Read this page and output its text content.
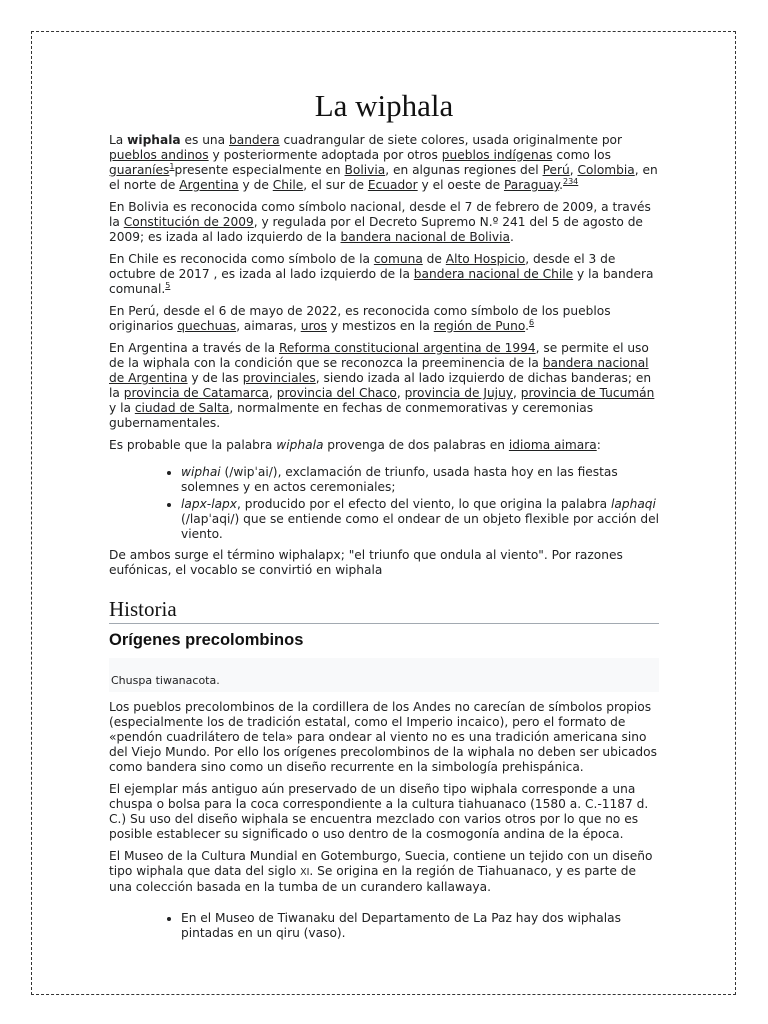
La wiphala

La wiphala es una bandera cuadrangular de siete colores, usada originalmente por pueblos andinos y posteriormente adoptada por otros pueblos indígenas como los guaraníes$^1$presente especialmente en Bolivia, en algunas regiones del Perú, Colombia, en el norte de Argentina y de Chile, el sur de Ecuador y el oeste de Paraguay.$^{234}$

En Bolivia es reconocida como símbolo nacional, desde el 7 de febrero de 2009, a través la Constitución de 2009, y regulada por el Decreto Supremo N.º 241 del 5 de agosto de 2009; es izada al lado izquierdo de la bandera nacional de Bolivia.

En Chile es reconocida como símbolo de la comuna de Alto Hospicio, desde el 3 de octubre de 2017 , es izada al lado izquierdo de la bandera nacional de Chile y la bandera comunal.$^5$

En Perú, desde el 6 de mayo de 2022, es reconocida como símbolo de los pueblos originarios quechuas, aimaras, uros y mestizos en la región de Puno.$^6$

En Argentina a través de la Reforma constitucional argentina de 1994, se permite el uso de la wiphala con la condición que se reconozca la preeminencia de la bandera nacional de Argentina y de las provinciales, siendo izada al lado izquierdo de dichas banderas; en la provincia de Catamarca, provincia del Chaco, provincia de Jujuy, provincia de Tucumán y la ciudad de Salta, normalmente en fechas de conmemorativas y ceremonias gubernamentales.

Es probable que la palabra wiphala provenga de dos palabras en idioma aimara:

• wiphai (/wipˈai/), exclamación de triunfo, usada hasta hoy en las fiestas solemnes y en actos ceremoniales;
• lapx-lapx, producido por el efecto del viento, lo que origina la palabra laphaqi (/lapˈaqi/) que se entiende como el ondear de un objeto flexible por acción del viento.

De ambos surge el término wiphalapx; "el triunfo que ondula al viento". Por razones eufónicas, el vocablo se convirtió en wiphala

Historia
Orígenes precolombinos
Chuspa tiwanacota.

Los pueblos precolombinos de la cordillera de los Andes no carecían de símbolos propios (especialmente los de tradición estatal, como el Imperio incaico), pero el formato de «pendón cuadrilátero de tela» para ondear al viento no es una tradición americana sino del Viejo Mundo. Por ello los orígenes precolombinos de la wiphala no deben ser ubicados como bandera sino como un diseño recurrente en la simbología prehispánica.

El ejemplar más antiguo aún preservado de un diseño tipo wiphala corresponde a una chuspa o bolsa para la coca correspondiente a la cultura tiahuanaco (1580 a. C.-1187 d. C.) Su uso del diseño wiphala se encuentra mezclado con varios otros por lo que no es posible establecer su significado o uso dentro de la cosmogonía andina de la época.

El Museo de la Cultura Mundial en Gotemburgo, Suecia, contiene un tejido con un diseño tipo wiphala que data del siglo XI. Se origina en la región de Tiahuanaco, y es parte de una colección basada en la tumba de un curandero kallawaya.

• En el Museo de Tiwanaku del Departamento de La Paz hay dos wiphalas pintadas en un qiru (vaso).
